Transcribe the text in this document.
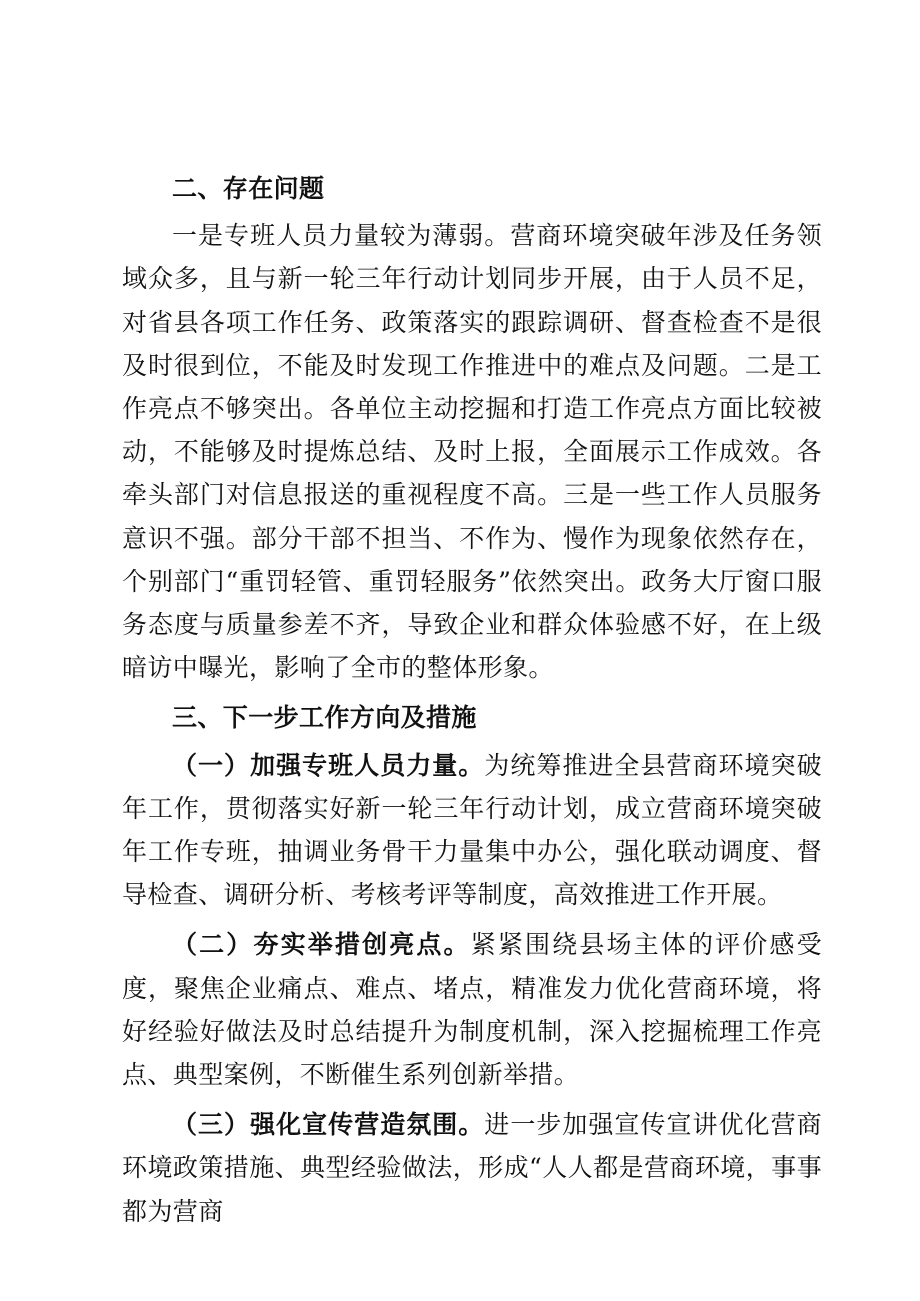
二、存在问题

一是专班人员力量较为薄弱。营商环境突破年涉及任务领域众多，且与新一轮三年行动计划同步开展，由于人员不足，对省县各项工作任务、政策落实的跟踪调研、督查检查不是很及时很到位，不能及时发现工作推进中的难点及问题。二是工作亮点不够突出。各单位主动挖掘和打造工作亮点方面比较被动，不能够及时提炼总结、及时上报，全面展示工作成效。各牵头部门对信息报送的重视程度不高。三是一些工作人员服务意识不强。部分干部不担当、不作为、慢作为现象依然存在，个别部门“重罚轻管、重罚轻服务”依然突出。政务大厅窗口服务态度与质量参差不齐，导致企业和群众体验感不好，在上级暗访中曝光，影响了全市的整体形象。

三、下一步工作方向及措施

（一）加强专班人员力量。为统筹推进全县营商环境突破年工作，贯彻落实好新一轮三年行动计划，成立营商环境突破年工作专班，抽调业务骨干力量集中办公，强化联动调度、督导检查、调研分析、考核考评等制度，高效推进工作开展。

（二）夯实举措创亮点。紧紧围绕县场主体的评价感受度，聚焦企业痛点、难点、堵点，精准发力优化营商环境，将好经验好做法及时总结提升为制度机制，深入挖掘梳理工作亮点、典型案例，不断催生系列创新举措。

（三）强化宣传营造氛围。进一步加强宣传宣讲优化营商环境政策措施、典型经验做法，形成“人人都是营商环境，事事都为营商
